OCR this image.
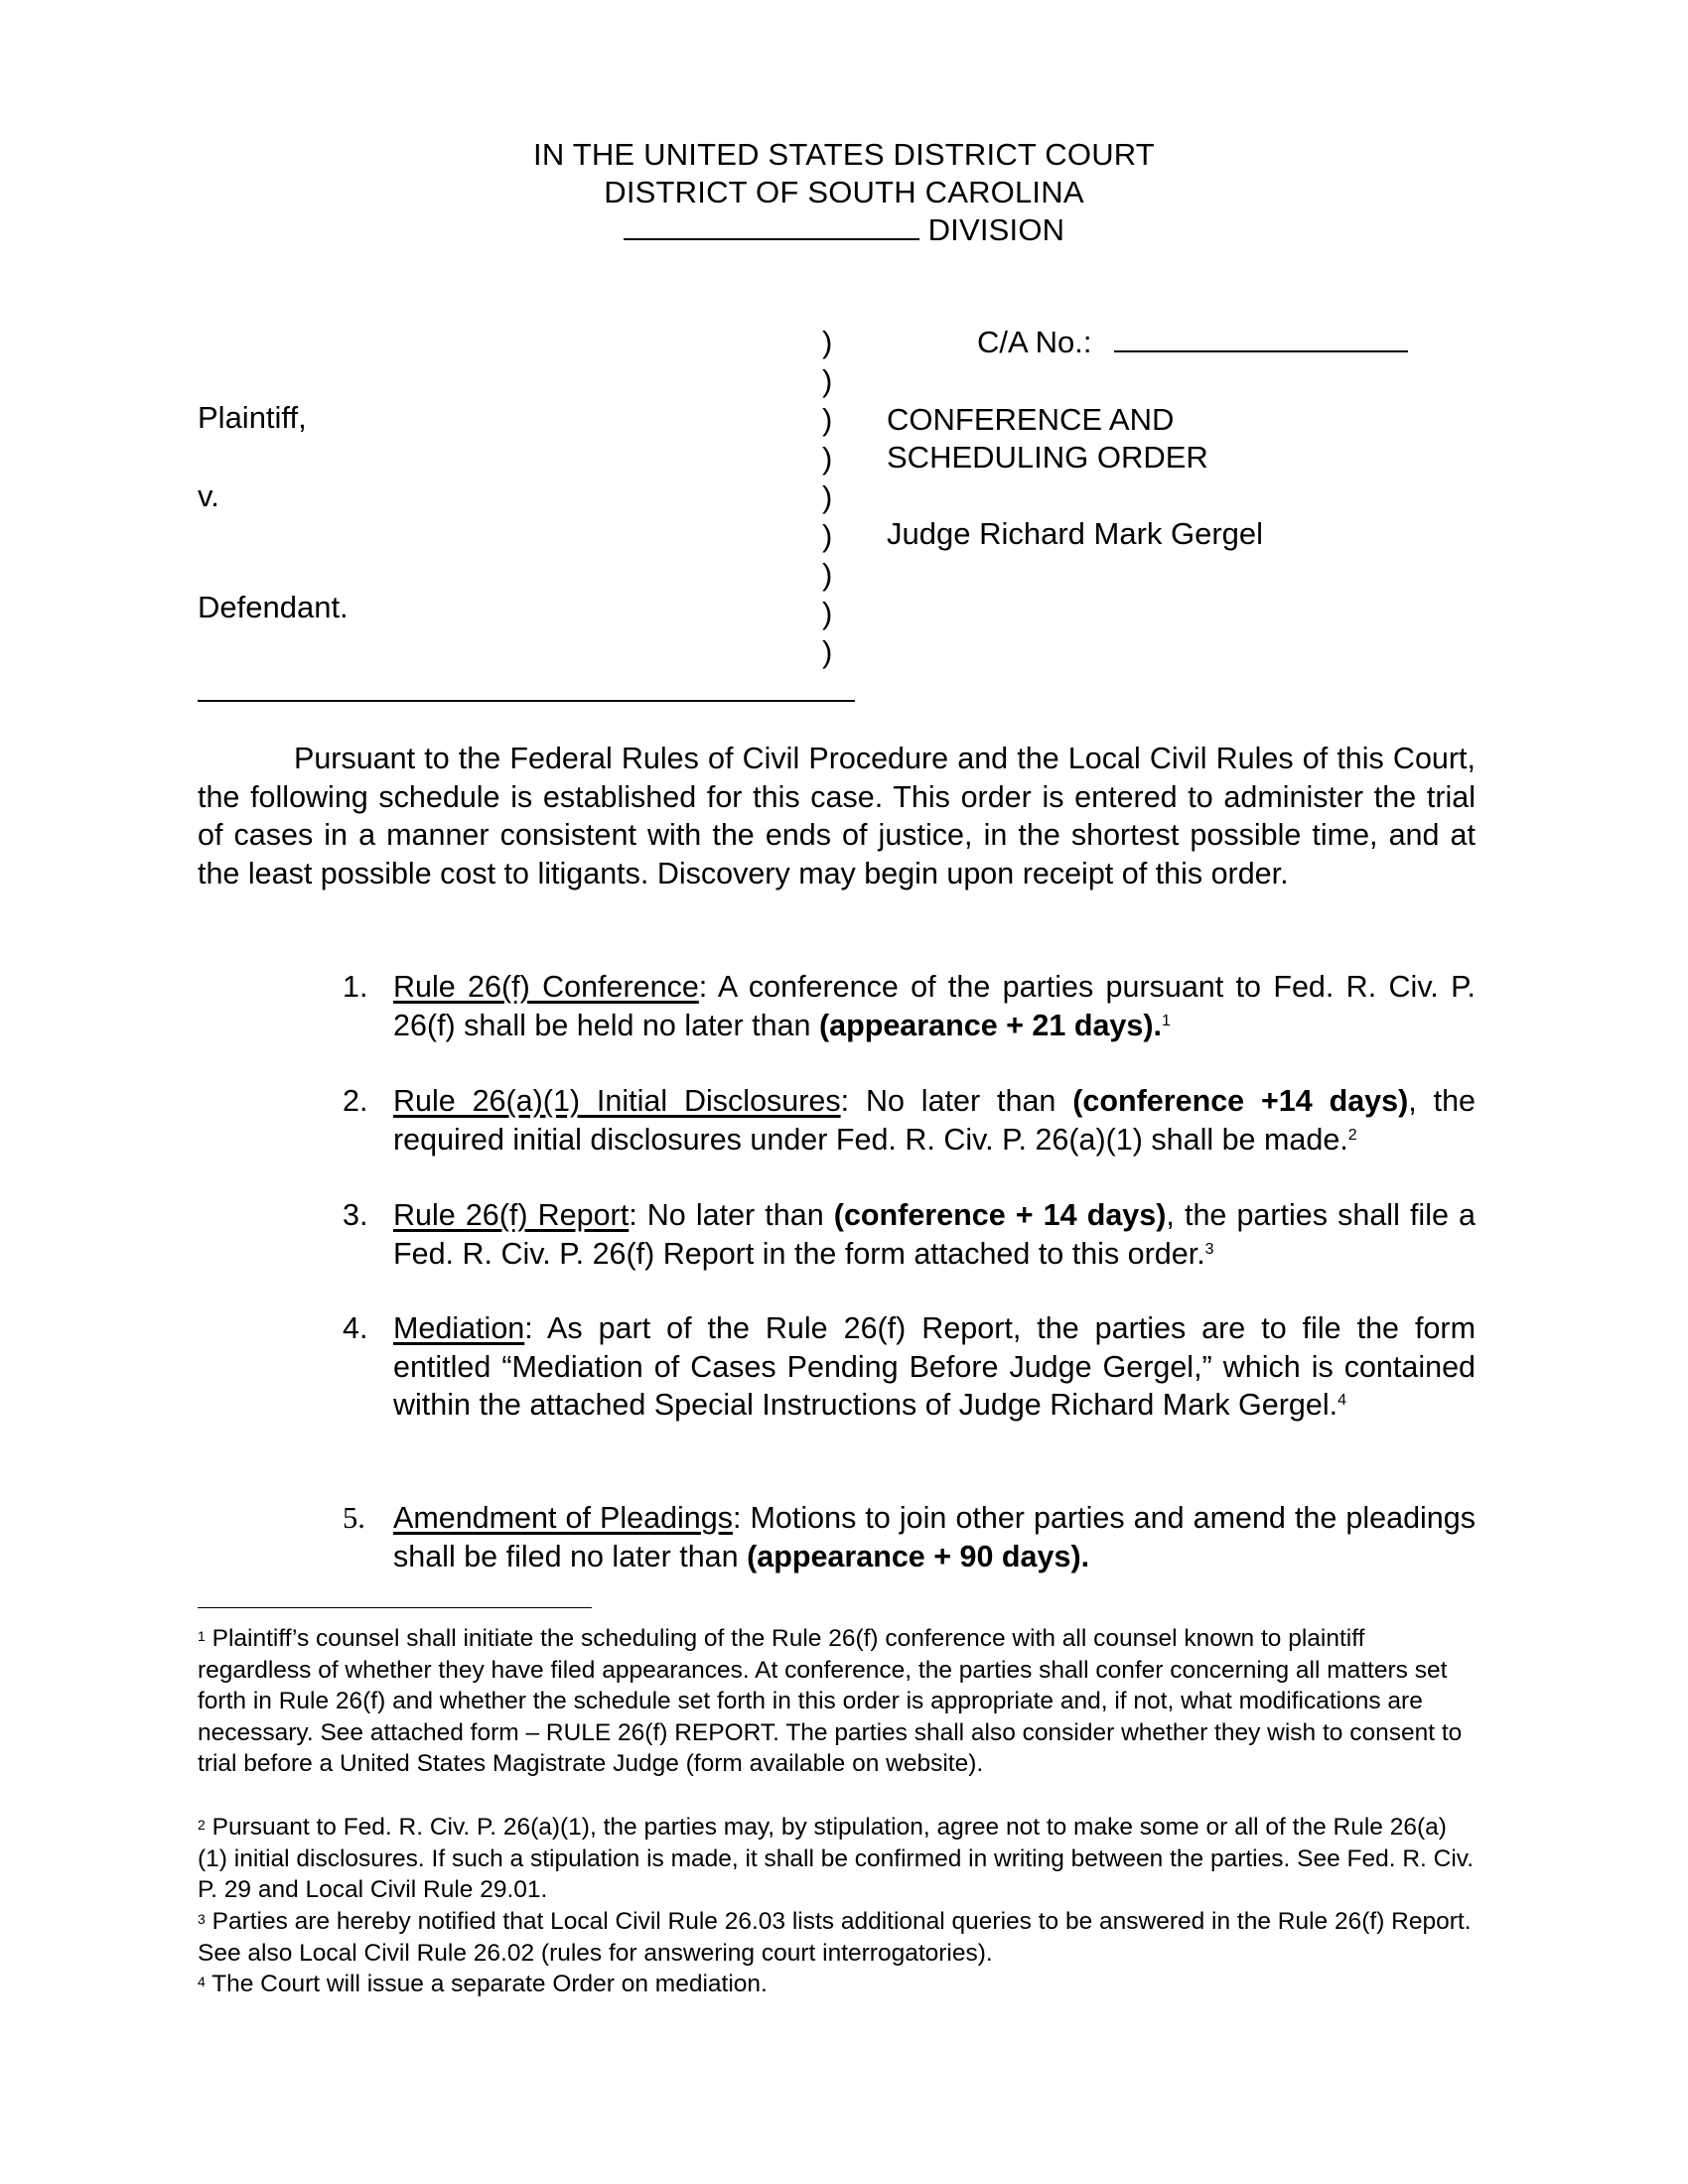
IN THE UNITED STATES DISTRICT COURT
DISTRICT OF SOUTH CAROLINA
DIVISION
Plaintiff,
v.
Defendant.
)
)
)
)
)
)
)
)
)
C/A No.:
CONFERENCE AND
SCHEDULING ORDER
Judge Richard Mark Gergel
Pursuant to the Federal Rules of Civil Procedure and the Local Civil Rules of this Court, the following schedule is established for this case. This order is entered to administer the trial of cases in a manner consistent with the ends of justice, in the shortest possible time, and at the least possible cost to litigants. Discovery may begin upon receipt of this order.
1. Rule 26(f) Conference: A conference of the parties pursuant to Fed. R. Civ. P. 26(f) shall be held no later than (appearance + 21 days).$^1$
2. Rule 26(a)(1) Initial Disclosures: No later than (conference +14 days), the required initial disclosures under Fed. R. Civ. P. 26(a)(1) shall be made.$^2$
3. Rule 26(f) Report: No later than (conference + 14 days), the parties shall file a Fed. R. Civ. P. 26(f) Report in the form attached to this order.$^3$
4. Mediation: As part of the Rule 26(f) Report, the parties are to file the form entitled “Mediation of Cases Pending Before Judge Gergel,” which is contained within the attached Special Instructions of Judge Richard Mark Gergel.$^4$
5. Amendment of Pleadings: Motions to join other parties and amend the pleadings shall be filed no later than (appearance + 90 days).
$^1$ Plaintiff’s counsel shall initiate the scheduling of the Rule 26(f) conference with all counsel known to plaintiff regardless of whether they have filed appearances. At conference, the parties shall confer concerning all matters set forth in Rule 26(f) and whether the schedule set forth in this order is appropriate and, if not, what modifications are necessary. See attached form – RULE 26(f) REPORT. The parties shall also consider whether they wish to consent to trial before a United States Magistrate Judge (form available on website).
$^2$ Pursuant to Fed. R. Civ. P. 26(a)(1), the parties may, by stipulation, agree not to make some or all of the Rule 26(a)(1) initial disclosures. If such a stipulation is made, it shall be confirmed in writing between the parties. See Fed. R. Civ. P. 29 and Local Civil Rule 29.01.
$^3$ Parties are hereby notified that Local Civil Rule 26.03 lists additional queries to be answered in the Rule 26(f) Report. See also Local Civil Rule 26.02 (rules for answering court interrogatories).
$^4$ The Court will issue a separate Order on mediation.
